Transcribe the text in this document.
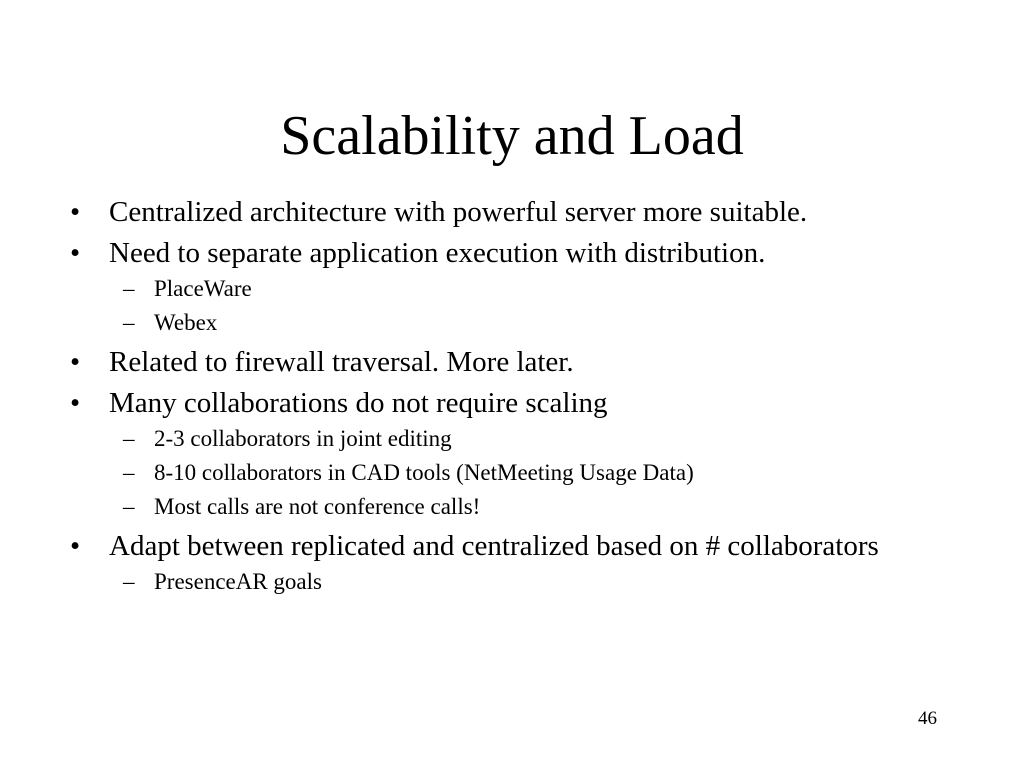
Scalability and Load
• Centralized architecture with powerful server more suitable.
• Need to separate application execution with distribution.
– PlaceWare
– Webex
• Related to firewall traversal. More later.
• Many collaborations do not require scaling
– 2-3 collaborators in joint editing
– 8-10 collaborators in CAD tools (NetMeeting Usage Data)
– Most calls are not conference calls!
• Adapt between replicated and centralized based on # collaborators
– PresenceAR goals
46
